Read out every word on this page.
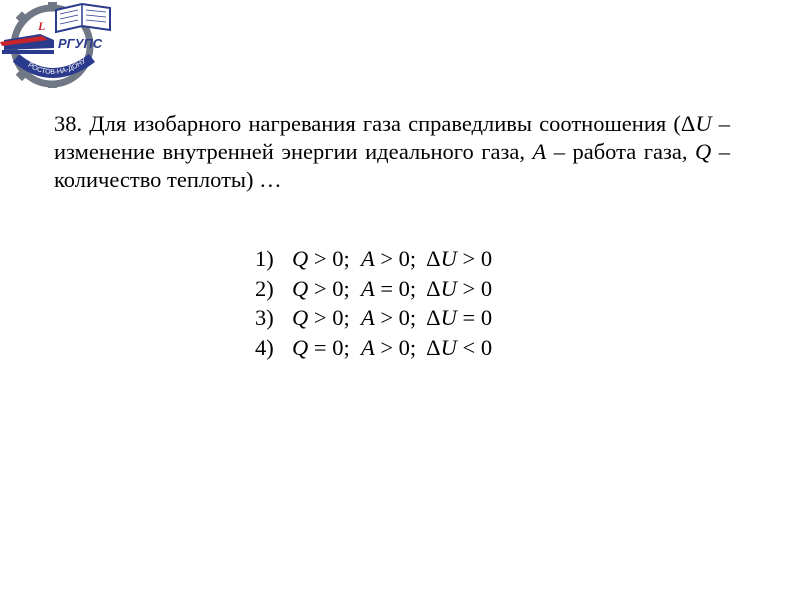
L
РГУПС
РОСТОВ-НА-ДОНУ
38. Для изобарного нагревания газа справедливы соотношения (ΔU – изменение внутренней энергии идеального газа, A – работа газа, Q – количество теплоты) …
1) Q > 0; A > 0;  Δ U > 0
2) Q > 0; A = 0;  Δ U > 0
3) Q > 0; A > 0;  Δ U = 0
4) Q = 0; A > 0;  Δ U < 0
